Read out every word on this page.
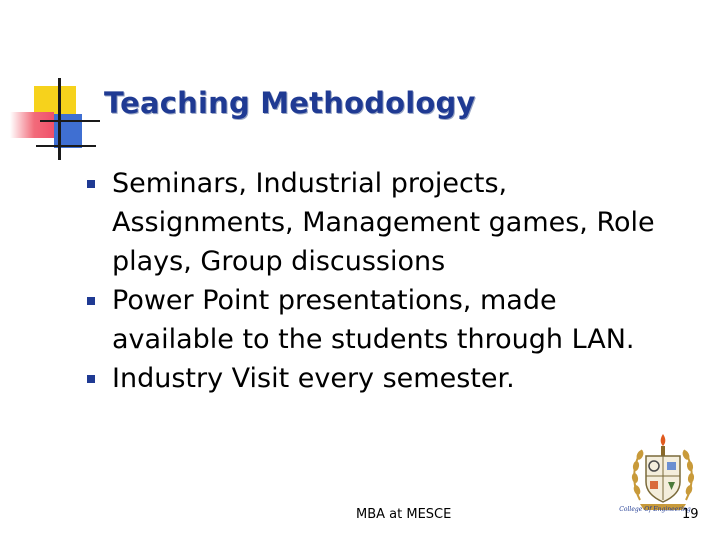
Teaching Methodology
Seminars, Industrial projects, Assignments, Management games, Role plays, Group discussions
Power Point presentations, made available to the students through LAN.
Industry Visit every semester.
College Of Engineering
MBA at MESCE	19
